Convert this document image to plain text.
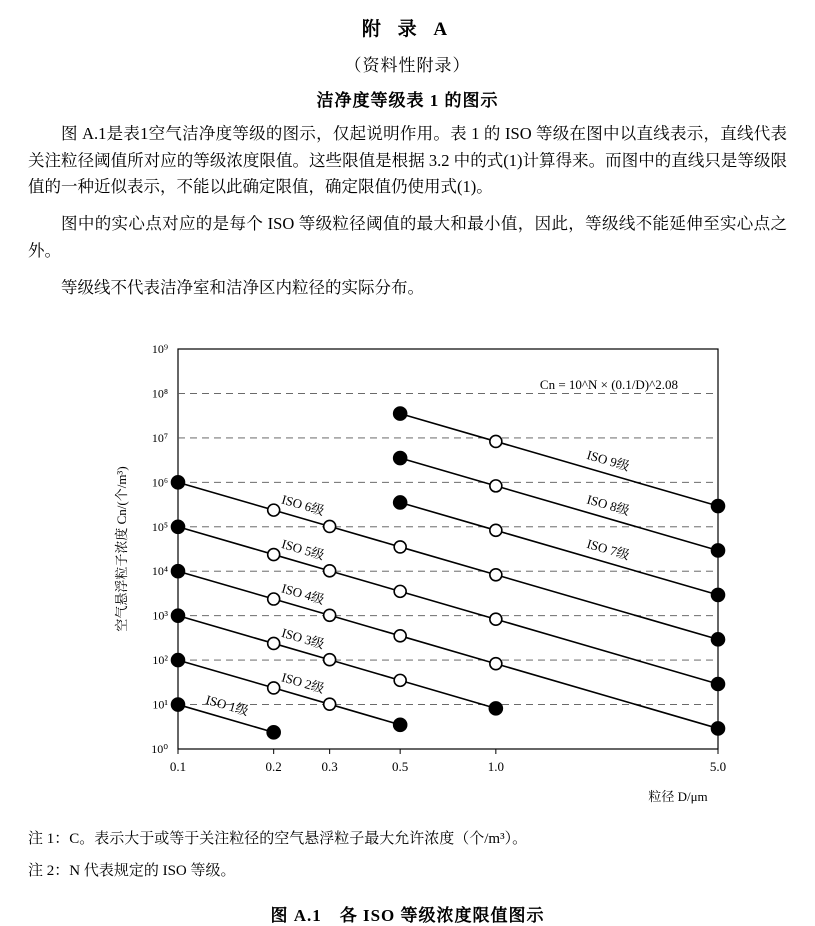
附 录 A
（资料性附录）
洁净度等级表 1 的图示
图 A.1是表1空气洁净度等级的图示，仅起说明作用。表 1 的 ISO 等级在图中以直线表示，直线代表关注粒径阈值所对应的等级浓度限值。这些限值是根据 3.2 中的式(1)计算得来。而图中的直线只是等级限值的一种近似表示，不能以此确定限值，确定限值仍使用式(1)。
图中的实心点对应的是每个 ISO 等级粒径阈值的最大和最小值，因此，等级线不能延伸至实心点之外。
等级线不代表洁净室和洁净区内粒径的实际分布。
10⁰
10¹
10²
10³
10⁴
10⁵
10⁶
10⁷
10⁸
10⁹
0.1	0.2	0.3	0.5	1.0	5.0
粒径 D/μm
空气悬浮粒子浓度 Cn/(个/m³)
Cn = 10^N × (0.1/D)^2.08
ISO 1级
ISO 2级
ISO 3级
ISO 4级
ISO 5级
ISO 6级
ISO 7级
ISO 8级
ISO 9级
注 1：C。表示大于或等于关注粒径的空气悬浮粒子最大允许浓度（个/m³）。
注 2：N 代表规定的 ISO 等级。
图 A.1　各 ISO 等级浓度限值图示
